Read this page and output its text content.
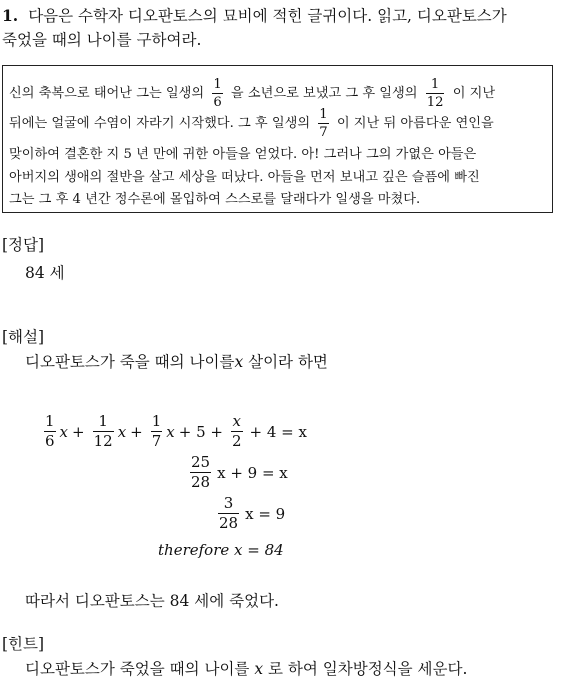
1. 다음은 수학자 디오판토스의 묘비에 적힌 글귀이다. 읽고, 디오판토스가
죽었을 때의 나이를 구하여라.
신의 축복으로 태어난 그는 일생의 $\frac{1}{6}$ 을 소년으로 보냈고 그 후 일생의 $\frac{1}{12}$ 이 지난
뒤에는 얼굴에 수염이 자라기 시작했다. 그 후 일생의 $\frac{1}{7}$ 이 지난 뒤 아름다운 연인을
맞이하여 결혼한 지 5 년 만에 귀한 아들을 얻었다. 아! 그러나 그의 가엾은 아들은
아버지의 생애의 절반을 살고 세상을 떠났다. 아들을 먼저 보내고 깊은 슬픔에 빠진
그는 그 후 4 년간 정수론에 몰입하여 스스로를 달래다가 일생을 마쳤다.
[정답]
84 세
[해설]
디오판토스가 죽을 때의 나이를x 살이라 하면
$\frac{1}{6}$ $x + \frac{1}{12}$ $x + \frac{1}{7}$ $x + 5 + \frac{x}{2} + 4 = x$
$\frac{25}{28}$ x + 9 = x
$\frac{3}{28}$ x = 9
therefore x = 84
따라서 디오판토스는 84 세에 죽었다.
[힌트]
디오판토스가 죽었을 때의 나이를 x 로 하여 일차방정식을 세운다.
